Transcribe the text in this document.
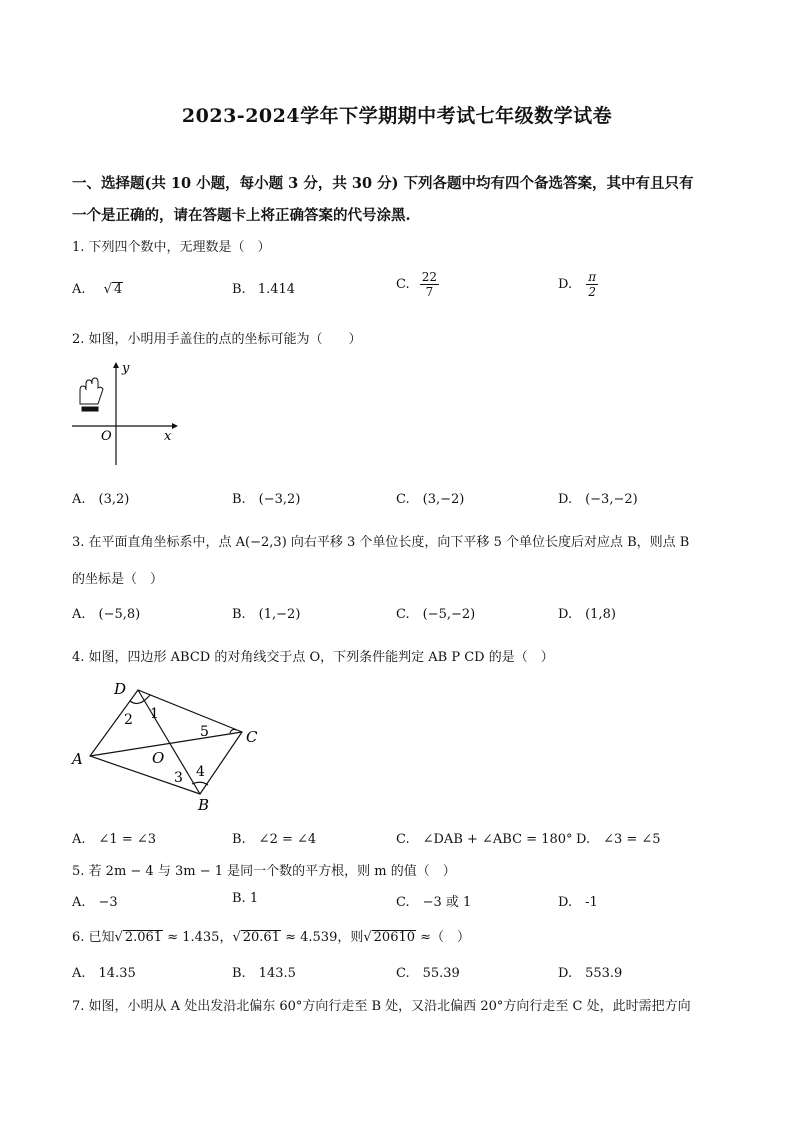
2023-2024学年下学期期中考试七年级数学试卷
一、选择题(共 10 小题，每小题 3 分，共 30 分) 下列各题中均有四个备选答案，其中有且只有
一个是正确的，请在答题卡上将正确答案的代号涂黑.
1. 下列四个数中，无理数是（　）
A. √ 4	B. 1.414	C. $\frac{22}{7}$	D. $\frac{\pi}{2}$
2. 如图，小明用手盖住的点的坐标可能为（　　）
y
x
O
A.　(3,2)	B.　(−3,2)	C.　(3,−2)	D.　(−3,−2)
3. 在平面直角坐标系中，点 A(−2,3) 向右平移 3 个单位长度，向下平移 5 个单位长度后对应点 B，则点 B
的坐标是（　）
A.　(−5,8)	B.　(1,−2)	C.　(−5,−2)	D.　(1,8)
4. 如图，四边形 ABCD 的对角线交于点 O，下列条件能判定 AB P CD 的是（　）
D
C
A
B
O
1
2
3 4
5
A.　∠1 = ∠3	B.　∠2 = ∠4	C.　∠DAB + ∠ABC = 180° D.　∠3 = ∠5
5. 若 2m − 4 与 3m − 1 是同一个数的平方根，则 m 的值（　）
A.　−3	B. 1	C.　−3 或 1	D.　-1
6. 已知√ 2.061 ≈ 1.435，√ 20.61 ≈ 4.539，则√ 20610 ≈（　）
A.　14.35	B.　143.5	C.　55.39	D.　553.9
7. 如图，小明从 A 处出发沿北偏东 60°方向行走至 B 处，又沿北偏西 20°方向行走至 C 处，此时需把方向
